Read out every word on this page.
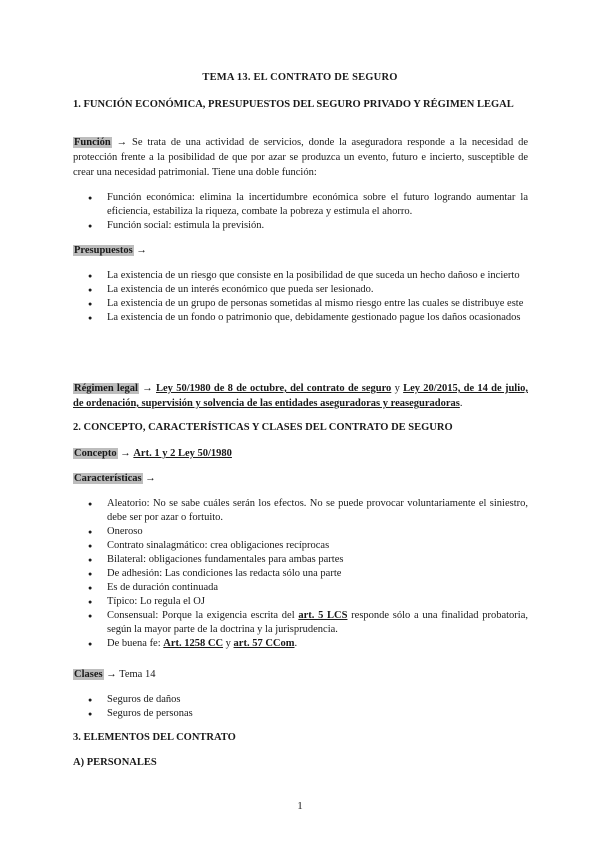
TEMA 13. EL CONTRATO DE SEGURO
1. FUNCIÓN ECONÓMICA, PRESUPUESTOS DEL SEGURO PRIVADO Y RÉGIMEN LEGAL
Función → Se trata de una actividad de servicios, donde la aseguradora responde a la necesidad de protección frente a la posibilidad de que por azar se produzca un evento, futuro e incierto, susceptible de crear una necesidad patrimonial. Tiene una doble función:
● Función económica: elimina la incertidumbre económica sobre el futuro logrando aumentar la eficiencia, estabiliza la riqueza, combate la pobreza y estimula el ahorro.
● Función social: estimula la previsión.
Presupuestos →
● La existencia de un riesgo que consiste en la posibilidad de que suceda un hecho dañoso e incierto
● La existencia de un interés económico que pueda ser lesionado.
● La existencia de un grupo de personas sometidas al mismo riesgo entre las cuales se distribuye este
● La existencia de un fondo o patrimonio que, debidamente gestionado pague los daños ocasionados
Régimen legal → Ley 50/1980 de 8 de octubre, del contrato de seguro y Ley 20/2015, de 14 de julio, de ordenación, supervisión y solvencia de las entidades aseguradoras y reaseguradoras.
2. CONCEPTO, CARACTERÍSTICAS Y CLASES DEL CONTRATO DE SEGURO
Concepto → Art. 1 y 2 Ley 50/1980
Características →
● Aleatorio: No se sabe cuáles serán los efectos. No se puede provocar voluntariamente el siniestro, debe ser por azar o fortuito.
● Oneroso
● Contrato sinalagmático: crea obligaciones recíprocas
● Bilateral: obligaciones fundamentales para ambas partes
● De adhesión: Las condiciones las redacta sólo una parte
● Es de duración continuada
● Típico: Lo regula el OJ
● Consensual: Porque la exigencia escrita del art. 5 LCS responde sólo a una finalidad probatoria, según la mayor parte de la doctrina y la jurisprudencia.
● De buena fe: Art. 1258 CC y art. 57 CCom.
Clases → Tema 14
● Seguros de daños
● Seguros de personas
3. ELEMENTOS DEL CONTRATO
A) PERSONALES
1
